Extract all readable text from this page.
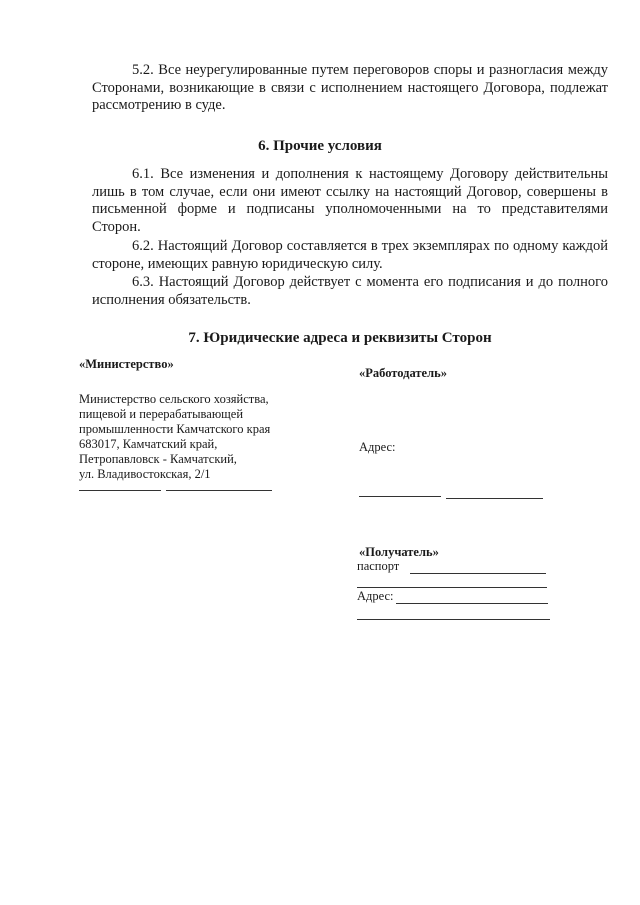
5.2. Все неурегулированные путем переговоров споры и разногласия между Сторонами, возникающие в связи с исполнением настоящего Договора, подлежат рассмотрению в суде.

6. Прочие условия

6.1. Все изменения и дополнения к настоящему Договору действительны лишь в том случае, если они имеют ссылку на настоящий Договор, совершены в письменной форме и подписаны уполномоченными на то представителями Сторон.

6.2. Настоящий Договор составляется в трех экземплярах по одному каждой стороне, имеющих равную юридическую силу.

6.3. Настоящий Договор действует с момента его подписания и до полного исполнения обязательств.

7. Юридические адреса и реквизиты Сторон

«Министерство»
Министерство сельского хозяйства,
пищевой и перерабатывающей
промышленности Камчатского края
683017, Камчатский край,
Петропавловск - Камчатский,
ул. Владивостокская, 2/1
«Работодатель»
Адрес:
«Получатель»
паспорт
Адрес:
